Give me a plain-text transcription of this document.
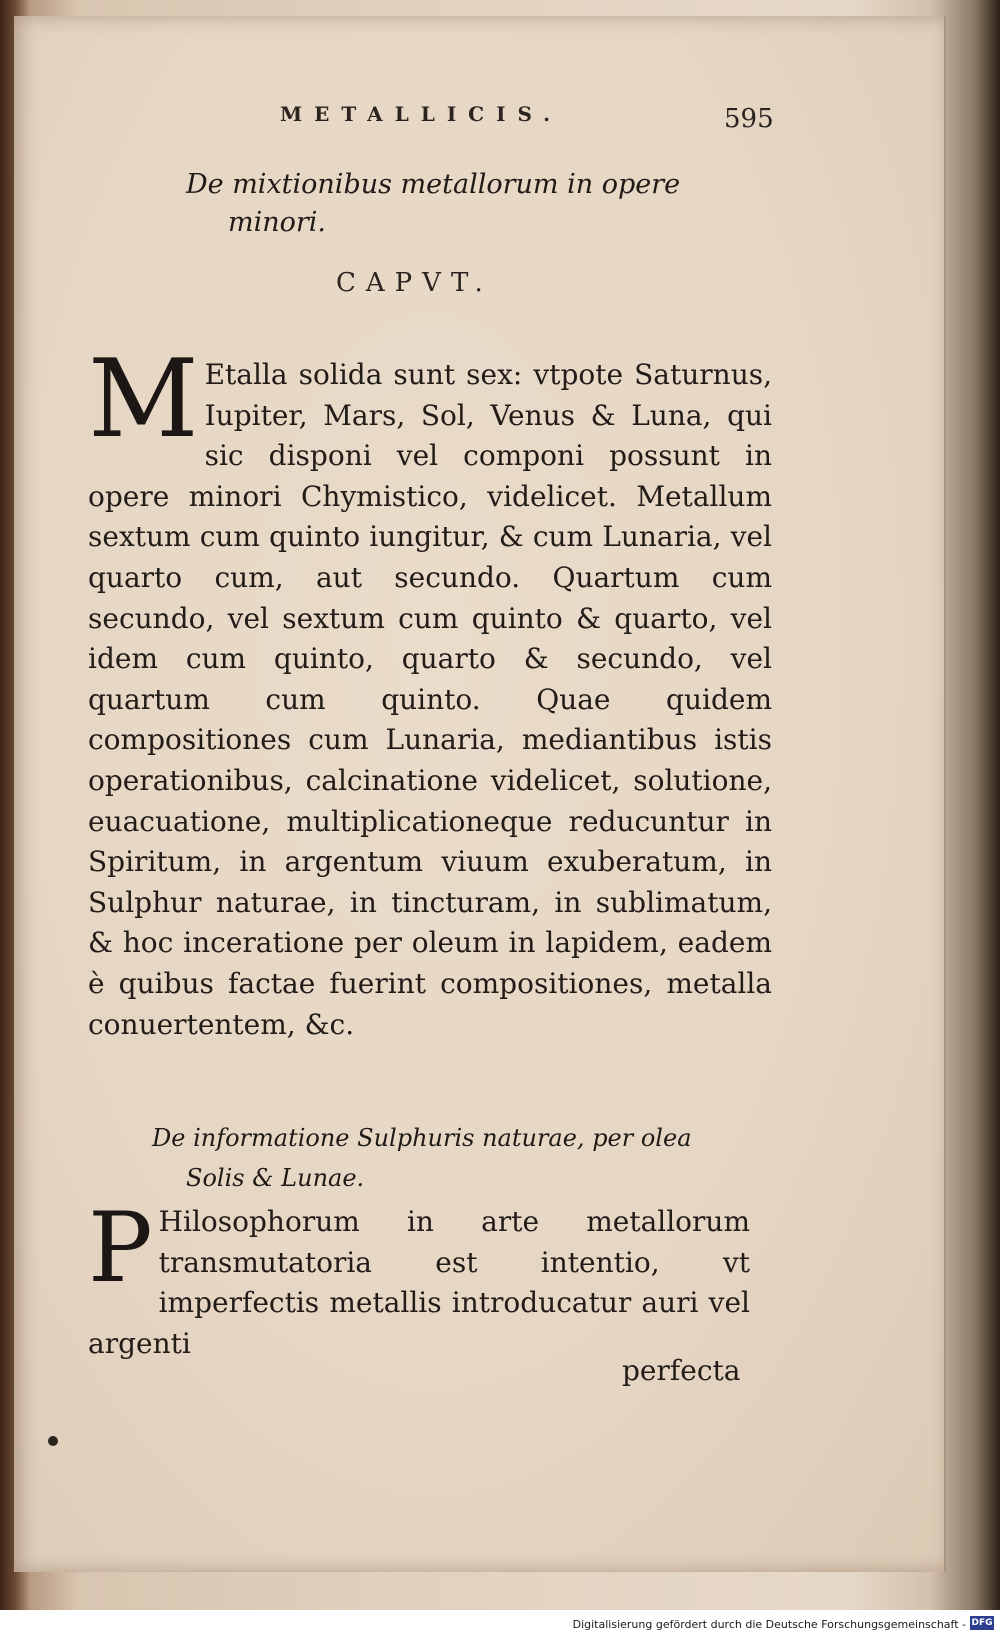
METALLICIS.	595
De mixtionibus metallorum in opere
minori.
CAPVT.
M Etalla solida sunt sex: vtpote Saturnus, Iupiter, Mars, Sol, Venus & Luna, qui sic disponi vel componi possunt in opere minori Chymistico, videlicet. Metallum sextum cum quinto iungitur, & cum Lunaria, vel quarto cum, aut secundo. Quartum cum secundo, vel sextum cum quinto & quarto, vel idem cum quinto, quarto & secundo, vel quartum cum quinto. Quae quidem compositiones cum Lunaria, mediantibus istis operationibus, calcinatione videlicet, solutione, euacuatione, multiplicationeque reducuntur in Spiritum, in argentum viuum exuberatum, in Sulphur naturae, in tincturam, in sublimatum, & hoc inceratione per oleum in lapidem, eadem è quibus factae fuerint compositiones, metalla conuertentem, &c.
De informatione Sulphuris naturae, per olea
Solis & Lunae.
P Hilosophorum in arte metallorum transmutatoria est intentio, vt imperfectis metallis introducatur auri vel argenti
perfecta
Digitalisierung gefördert durch die Deutsche Forschungsgemeinschaft - DFG
